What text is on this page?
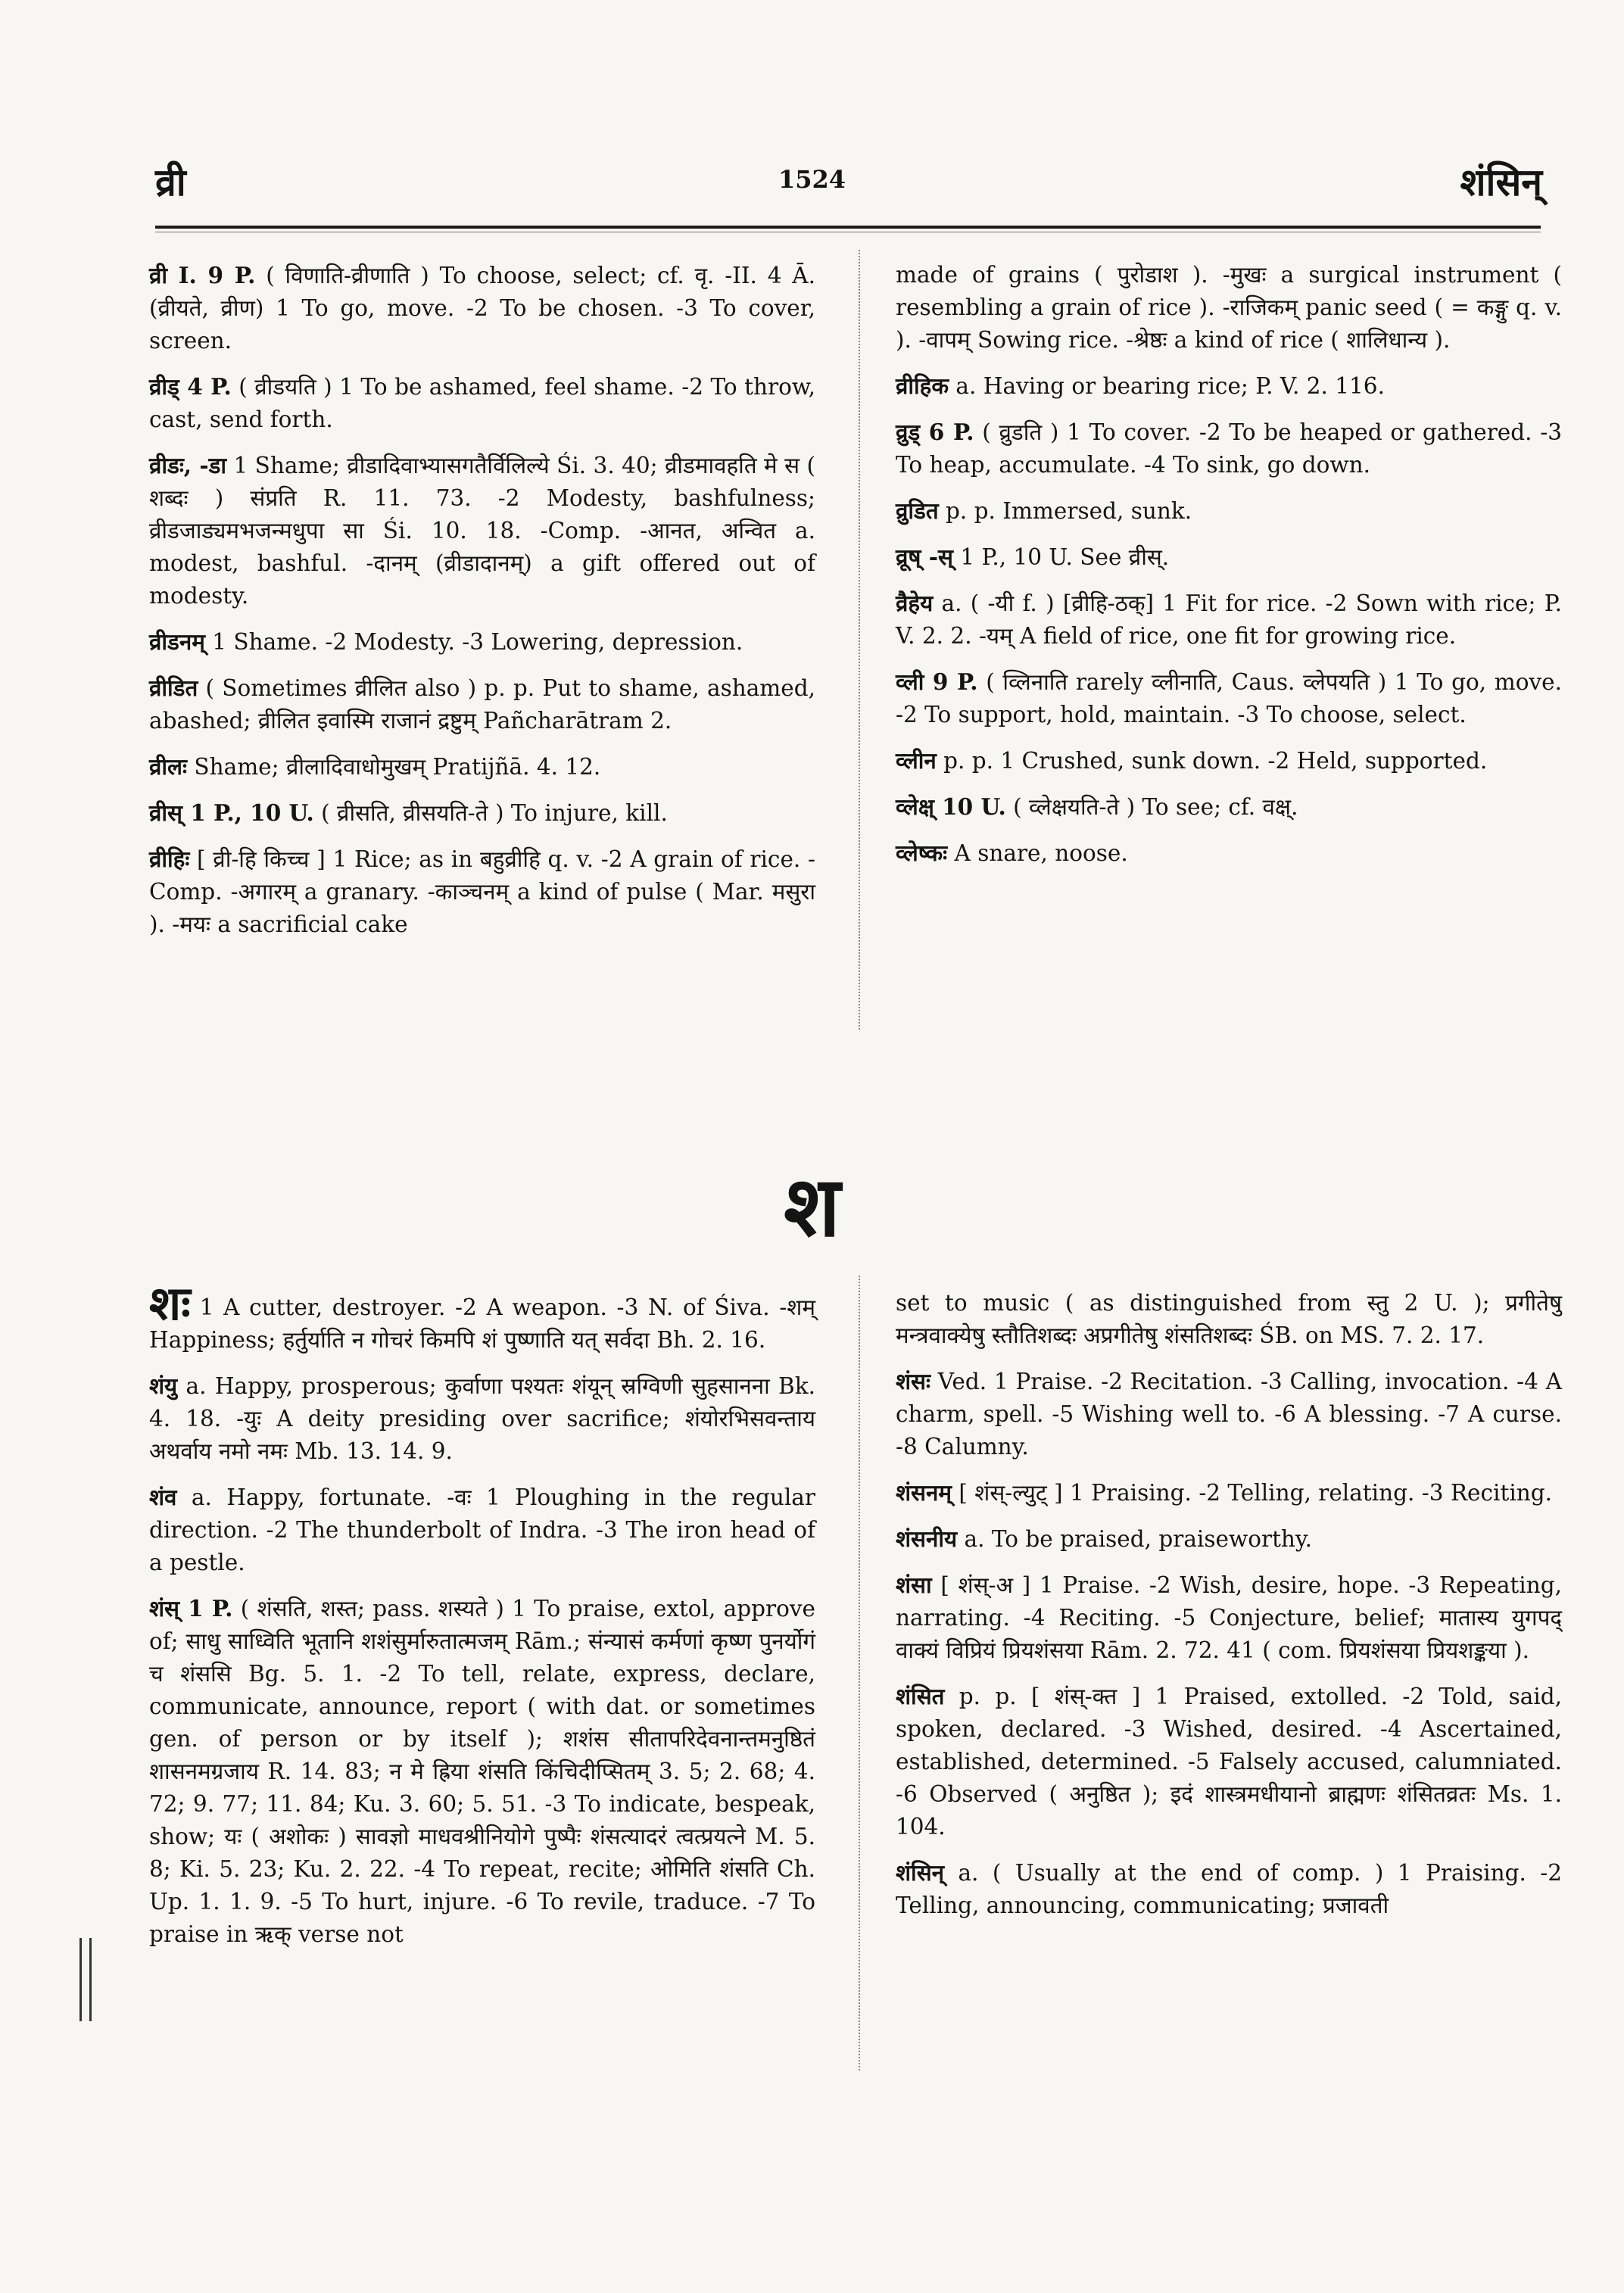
व्री	1524	शंसिन्

व्री I. 9 P. ( विणाति-व्रीणाति ) To choose, select; cf. वृ. -II. 4 Ā. (व्रीयते, व्रीण) 1 To go, move. -2 To be chosen. -3 To cover, screen.

व्रीड् 4 P. ( व्रीडयति ) 1 To be ashamed, feel shame. -2 To throw, cast, send forth.

व्रीडः, -डा 1 Shame; व्रीडादिवाभ्यासगतैर्विलिल्ये Śi. 3. 40; व्रीडमावहति मे स ( शब्दः ) संप्रति R. 11. 73. -2 Modesty, bashfulness; व्रीडजाड्यमभजन्मधुपा सा Śi. 10. 18. -Comp. -आनत, अन्वित a. modest, bashful. -दानम् (व्रीडादानम्) a gift offered out of modesty.

व्रीडनम् 1 Shame. -2 Modesty. -3 Lowering, depression.

व्रीडित ( Sometimes व्रीलित also ) p. p. Put to shame, ashamed, abashed; व्रीलित इवास्मि राजानं द्रष्टुम् Pañcharātram 2.

व्रीलः Shame; व्रीलादिवाधोमुखम् Pratijñā. 4. 12.

व्रीस् 1 P., 10 U. ( व्रीसति, व्रीसयति-ते ) To injure, kill.

व्रीहिः [ व्री-हि किच्च ] 1 Rice; as in बहुव्रीहि q. v. -2 A grain of rice. -Comp. -अगारम् a granary. -काञ्चनम् a kind of pulse ( Mar. मसुरा ). -मयः a sacrificial cake

made of grains ( पुरोडाश ). -मुखः a surgical instrument ( resembling a grain of rice ). -राजिकम् panic seed ( = कङ्गु q. v. ). -वापम् Sowing rice. -श्रेष्ठः a kind of rice ( शालिधान्य ).

व्रीहिक a. Having or bearing rice; P. V. 2. 116.

व्रुड् 6 P. ( व्रुडति ) 1 To cover. -2 To be heaped or gathered. -3 To heap, accumulate. -4 To sink, go down.

व्रुडित p. p. Immersed, sunk.

व्रूष् -स् 1 P., 10 U. See व्रीस्.

व्रैहेय a. ( -यी f. ) [व्रीहि-ठक्] 1 Fit for rice. -2 Sown with rice; P. V. 2. 2. -यम् A field of rice, one fit for growing rice.

व्ली 9 P. ( व्लिनाति rarely व्लीनाति, Caus. व्लेपयति ) 1 To go, move. -2 To support, hold, maintain. -3 To choose, select.

व्लीन p. p. 1 Crushed, sunk down. -2 Held, supported.

व्लेक्ष् 10 U. ( व्लेक्षयति-ते ) To see; cf. वक्ष्.

व्लेष्कः A snare, noose.

श

शः 1 A cutter, destroyer. -2 A weapon. -3 N. of Śiva. -शम् Happiness; हर्तुर्याति न गोचरं किमपि शं पुष्णाति यत् सर्वदा Bh. 2. 16.

शंयु a. Happy, prosperous; कुर्वाणा पश्यतः शंयून् स्रग्विणी सुहसानना Bk. 4. 18. -युः A deity presiding over sacrifice; शंयोरभिसवन्ताय अथर्वाय नमो नमः Mb. 13. 14. 9.

शंव a. Happy, fortunate. -वः 1 Ploughing in the regular direction. -2 The thunderbolt of Indra. -3 The iron head of a pestle.

शंस् 1 P. ( शंसति, शस्त; pass. शस्यते ) 1 To praise, extol, approve of; साधु साध्विति भूतानि शशंसुर्मारुतात्मजम् Rām.; संन्यासं कर्मणां कृष्ण पुनर्योगं च शंससि Bg. 5. 1. -2 To tell, relate, express, declare, communicate, announce, report ( with dat. or sometimes gen. of person or by itself ); शशंस सीतापरिदेवनान्तमनुष्ठितं शासनमग्रजाय R. 14. 83; न मे ह्रिया शंसति किंचिदीप्सितम् 3. 5; 2. 68; 4. 72; 9. 77; 11. 84; Ku. 3. 60; 5. 51. -3 To indicate, bespeak, show; यः ( अशोकः ) सावज्ञो माधवश्रीनियोगे पुष्पैः शंसत्यादरं त्वत्प्रयत्ने M. 5. 8; Ki. 5. 23; Ku. 2. 22. -4 To repeat, recite; ओमिति शंसति Ch. Up. 1. 1. 9. -5 To hurt, injure. -6 To revile, traduce. -7 To praise in ऋक् verse not

set to music ( as distinguished from स्तु 2 U. ); प्रगीतेषु मन्त्रवाक्येषु स्तौतिशब्दः अप्रगीतेषु शंसतिशब्दः ŚB. on MS. 7. 2. 17.

शंसः Ved. 1 Praise. -2 Recitation. -3 Calling, invocation. -4 A charm, spell. -5 Wishing well to. -6 A blessing. -7 A curse. -8 Calumny.

शंसनम् [ शंस्-ल्युट् ] 1 Praising. -2 Telling, relating. -3 Reciting.

शंसनीय a. To be praised, praiseworthy.

शंसा [ शंस्-अ ] 1 Praise. -2 Wish, desire, hope. -3 Repeating, narrating. -4 Reciting. -5 Conjecture, belief; मातास्य युगपद् वाक्यं विप्रियं प्रियशंसया Rām. 2. 72. 41 ( com. प्रियशंसया प्रियशङ्कया ).

शंसित p. p. [ शंस्-क्त ] 1 Praised, extolled. -2 Told, said, spoken, declared. -3 Wished, desired. -4 Ascertained, established, determined. -5 Falsely accused, calumniated. -6 Observed ( अनुष्ठित ); इदं शास्त्रमधीयानो ब्राह्मणः शंसितव्रतः Ms. 1. 104.

शंसिन् a. ( Usually at the end of comp. ) 1 Praising. -2 Telling, announcing, communicating; प्रजावती
